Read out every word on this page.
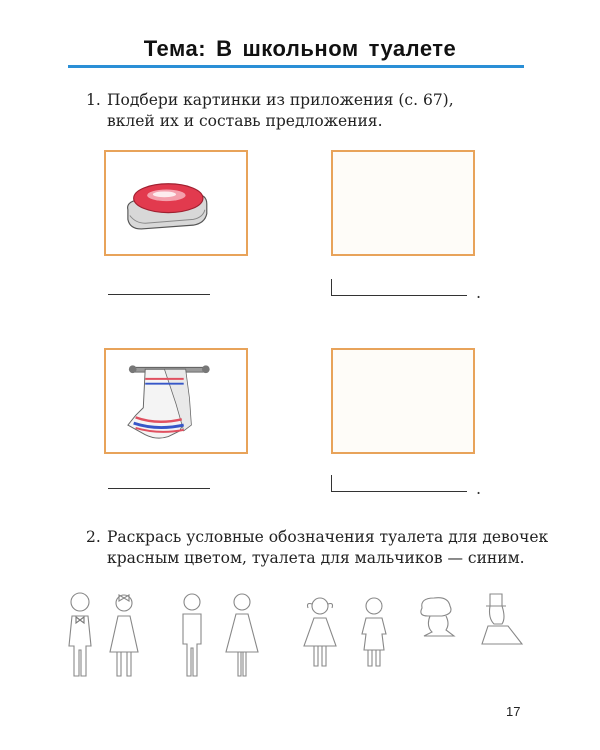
Тема: В школьном туалете
1. Подбери картинки из приложения (с. 67),
вклей их и составь предложения.
.
.
2. Раскрась условные обозначения туалета для девочек
красным цветом, туалета для мальчиков — синим.
17
